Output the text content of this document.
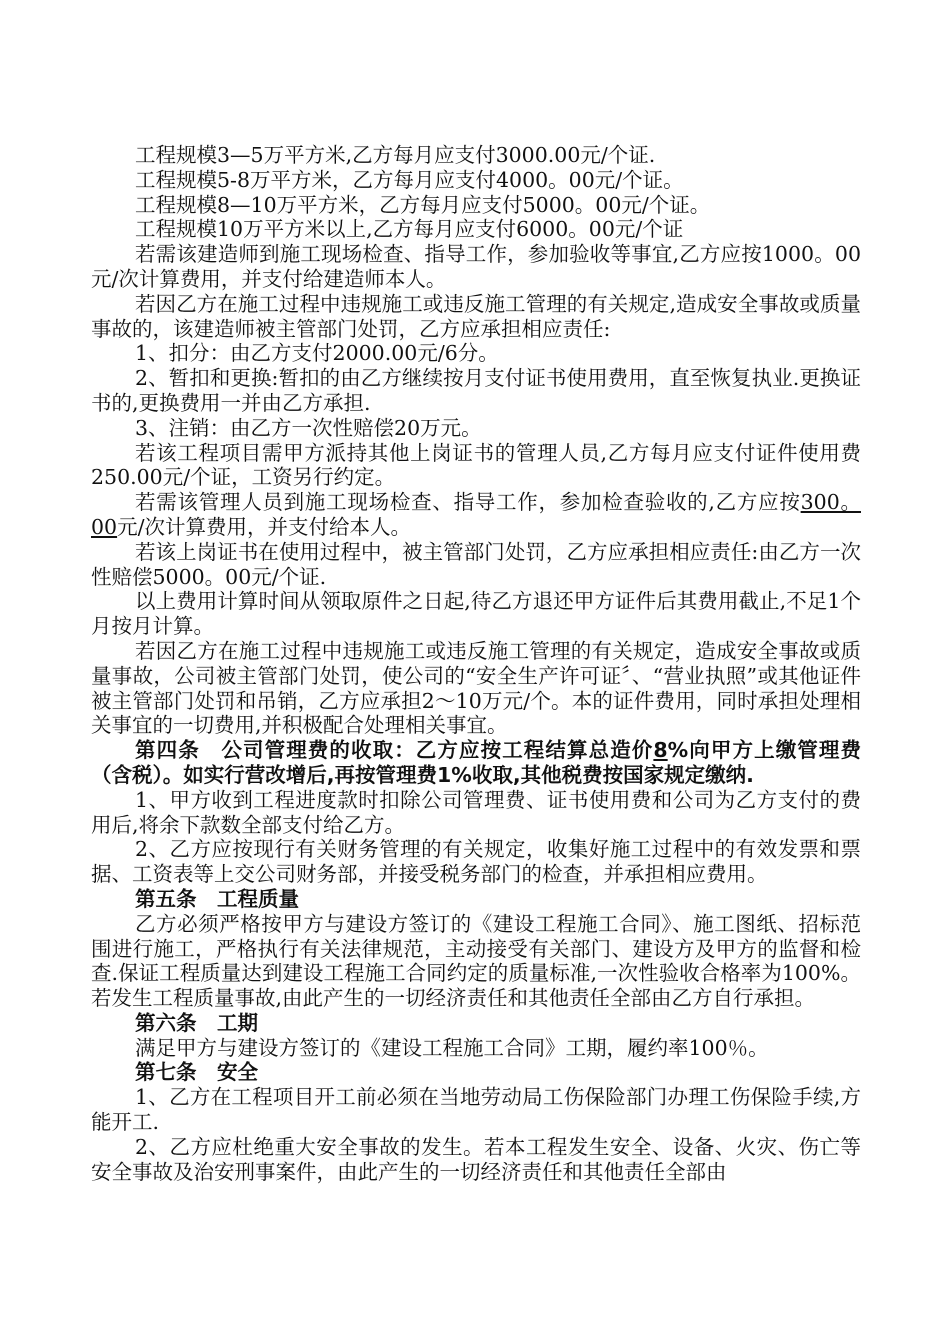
工程规模3—5万平方米,乙方每月应支付3000.00元/个证.

工程规模5-8万平方米，乙方每月应支付4000。00元/个证。

工程规模8—10万平方米，乙方每月应支付5000。00元/个证。

工程规模10万平方米以上,乙方每月应支付6000。00元/个证

若需该建造师到施工现场检查、指导工作，参加验收等事宜,乙方应按1000。00元/次计算费用，并支付给建造师本人。

若因乙方在施工过程中违规施工或违反施工管理的有关规定,造成安全事故或质量事故的，该建造师被主管部门处罚，乙方应承担相应责任:

1、扣分：由乙方支付2000.00元/6分。

2、暂扣和更换:暂扣的由乙方继续按月支付证书使用费用，直至恢复执业.更换证书的,更换费用一并由乙方承担.

3、注销：由乙方一次性赔偿20万元。

若该工程项目需甲方派持其他上岗证书的管理人员,乙方每月应支付证件使用费250.00元/个证，工资另行约定。

若需该管理人员到施工现场检查、指导工作，参加检查验收的,乙方应按300。00元/次计算费用，并支付给本人。

若该上岗证书在使用过程中，被主管部门处罚，乙方应承担相应责任:由乙方一次性赔偿5000。00元/个证.

以上费用计算时间从领取原件之日起,待乙方退还甲方证件后其费用截止,不足1个月按月计算。

若因乙方在施工过程中违规施工或违反施工管理的有关规定，造成安全事故或质量事故，公司被主管部门处罚，使公司的“安全生产许可证〞、“营业执照”或其他证件被主管部门处罚和吊销，乙方应承担2～10万元/个。本的证件费用，同时承担处理相关事宜的一切费用,并积极配合处理相关事宜。

第四条　公司管理费的收取：乙方应按工程结算总造价8%向甲方上缴管理费（含税）。如实行营改增后,再按管理费1%收取,其他税费按国家规定缴纳.

1、甲方收到工程进度款时扣除公司管理费、证书使用费和公司为乙方支付的费用后,将余下款数全部支付给乙方。

2、乙方应按现行有关财务管理的有关规定，收集好施工过程中的有效发票和票据、工资表等上交公司财务部，并接受税务部门的检查，并承担相应费用。

第五条　工程质量

乙方必须严格按甲方与建设方签订的《建设工程施工合同》、施工图纸、招标范围进行施工，严格执行有关法律规范，主动接受有关部门、建设方及甲方的监督和检查.保证工程质量达到建设工程施工合同约定的质量标准,一次性验收合格率为100%。若发生工程质量事故,由此产生的一切经济责任和其他责任全部由乙方自行承担。

第六条　工期

满足甲方与建设方签订的《建设工程施工合同》工期，履约率100％。

第七条　安全

1、乙方在工程项目开工前必须在当地劳动局工伤保险部门办理工伤保险手续,方能开工.

2、乙方应杜绝重大安全事故的发生。若本工程发生安全、设备、火灾、伤亡等安全事故及治安刑事案件，由此产生的一切经济责任和其他责任全部由
